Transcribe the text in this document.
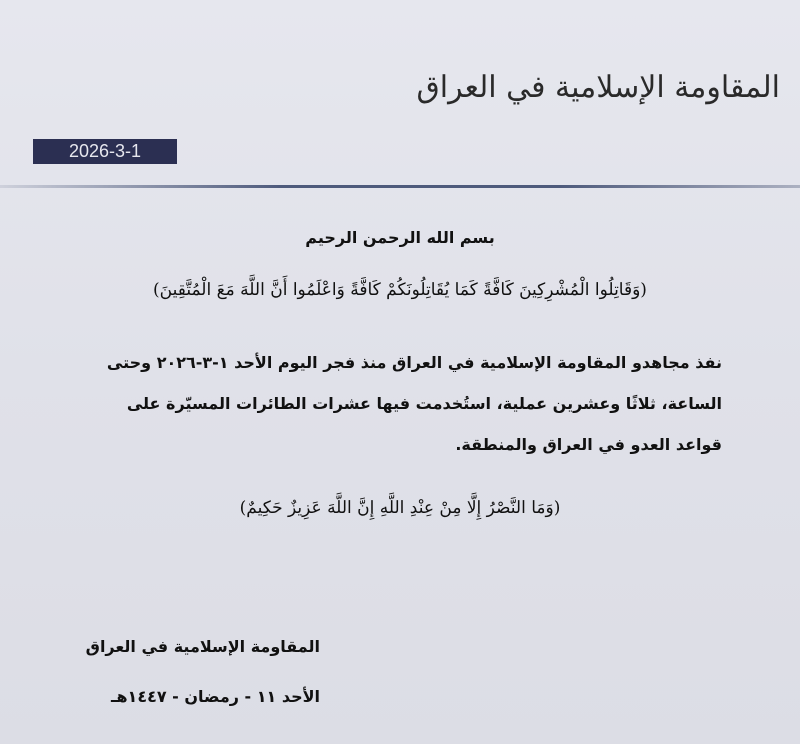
المقاومة الإسلامية في العراق
2026-3-1
بسم الله الرحمن الرحيم
(وَقَاتِلُوا الْمُشْرِكِينَ كَافَّةً كَمَا يُقَاتِلُونَكُمْ كَافَّةً وَاعْلَمُوا أَنَّ اللَّهَ مَعَ الْمُتَّقِينَ)
نفذ مجاهدو المقاومة الإسلامية في العراق منذ فجر اليوم الأحد ١-٣-٢٠٢٦ وحتى الساعة، ثلاثًا وعشرين عملية، استُخدمت فيها عشرات الطائرات المسيّرة على قواعد العدو في العراق والمنطقة.
(وَمَا النَّصْرُ إِلَّا مِنْ عِنْدِ اللَّهِ إِنَّ اللَّهَ عَزِيزٌ حَكِيمٌ)
المقاومة الإسلامية في العراق
الأحد ١١ - رمضان - ١٤٤٧هـ
